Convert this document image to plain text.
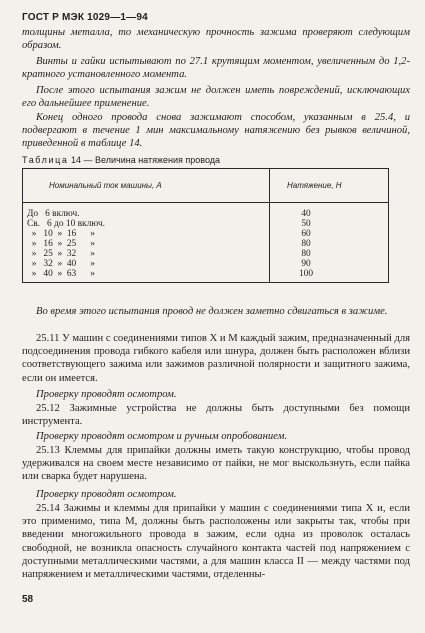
ГОСТ Р МЭК 1029—1—94

толщины металла, то механическую прочность зажима проверяют следующим образом.

Винты и гайки испытывают по 27.1 крутящим моментом, увеличенным до 1,2-кратного установленного момента.

После этого испытания зажим не должен иметь повреждений, исключающих его дальнейшее применение.

Конец одного провода снова зажимают способом, указанным в 25.4, и подвергают в течение 1 мин максимальному натяжению без рывков величиной, приведенной в таблице 14.

Таблица 14 — Величина натяжения провода
Номинальный ток машины, А	Натяжение, Н
До   6 включ.	40
Св.   6 до 10 включ.	50
»   10  »  16      »	60
»   16  »  25      »	80
»   25  »  32      »	80
»   32  »  40      »	90
»   40  »  63      »	100

Во время этого испытания провод не должен заметно сдвигаться в зажиме.

25.11 У машин с соединениями типов X и M каждый зажим, предназначенный для подсоединения провода гибкого кабеля или шнура, должен быть расположен вблизи соответствующего зажима или зажимов различной полярности и защитного зажима, если он имеется.

Проверку проводят осмотром.

25.12 Зажимные устройства не должны быть доступными без помощи инструмента.

Проверку проводят осмотром и ручным опробованием.

25.13 Клеммы для припайки должны иметь такую конструкцию, чтобы провод удерживался на своем месте независимо от пайки, не мог выскользнуть, если пайка или сварка будет нарушена.

Проверку проводят осмотром.

25.14 Зажимы и клеммы для припайки у машин с соединениями типа X и, если это применимо, типа M, должны быть расположены или закрыты так, чтобы при введении многожильного провода в зажим, если одна из проволок осталась свободной, не возникла опасность случайного контакта частей под напряжением с доступными металлическими частями, а для машин класса II — между частями под напряжением и металлическими частями, отделенны-

58
